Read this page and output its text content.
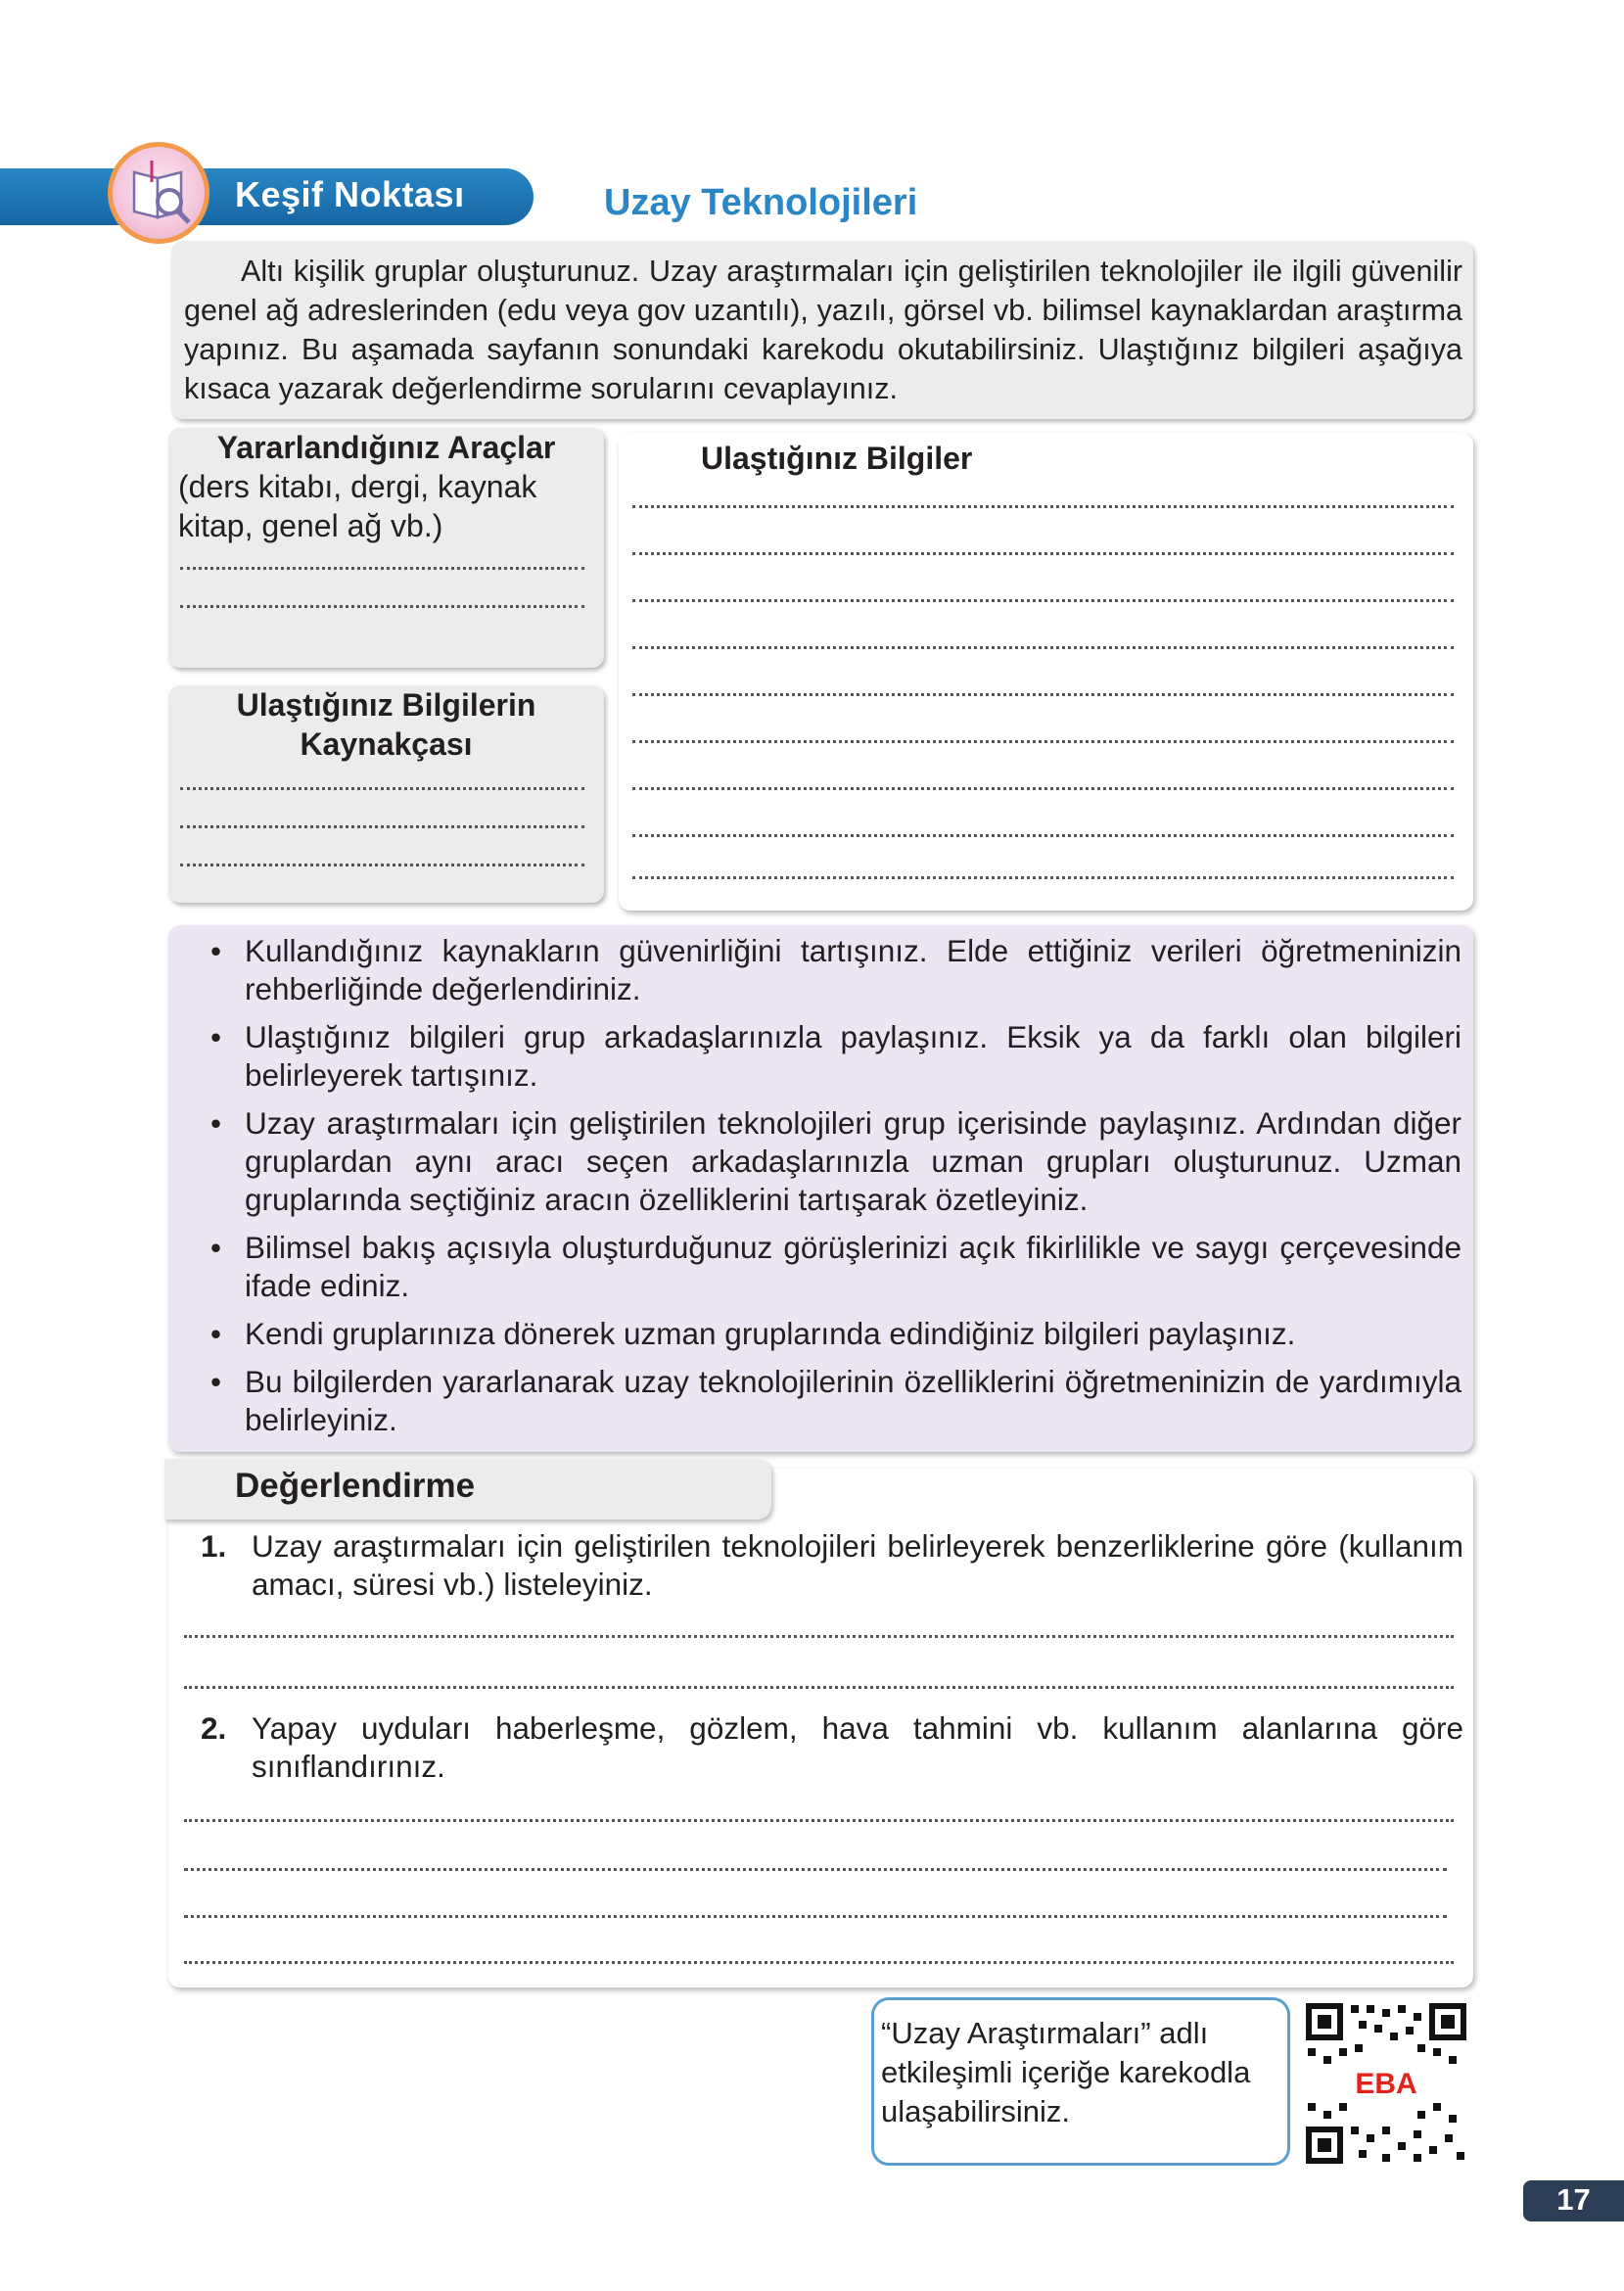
Keşif Noktası	Uzay Teknolojileri

Altı kişilik gruplar oluşturunuz. Uzay araştırmaları için geliştirilen teknolojiler ile ilgili güvenilir genel ağ adreslerinden (edu veya gov uzantılı), yazılı, görsel vb. bilimsel kaynaklardan araştırma yapınız. Bu aşamada sayfanın sonundaki karekodu okutabilirsiniz. Ulaştığınız bilgileri aşağıya kısaca yazarak değerlendirme sorularını cevaplayınız.

Yararlandığınız Araçlar
(ders kitabı, dergi, kaynak kitap, genel ağ vb.)
Ulaştığınız Bilgilerin
Kaynakçası
Ulaştığınız Bilgiler
• Kullandığınız kaynakların güvenirliğini tartışınız. Elde ettiğiniz verileri öğretmeninizin rehberliğinde değerlendiriniz.
• Ulaştığınız bilgileri grup arkadaşlarınızla paylaşınız. Eksik ya da farklı olan bilgileri belirleyerek tartışınız.
• Uzay araştırmaları için geliştirilen teknolojileri grup içerisinde paylaşınız. Ardından diğer gruplardan aynı aracı seçen arkadaşlarınızla uzman grupları oluşturunuz. Uzman gruplarında seçtiğiniz aracın özelliklerini tartışarak özetleyiniz.
• Bilimsel bakış açısıyla oluşturduğunuz görüşlerinizi açık fikirlilikle ve saygı çerçevesinde ifade ediniz.
• Kendi gruplarınıza dönerek uzman gruplarında edindiğiniz bilgileri paylaşınız.
• Bu bilgilerden yararlanarak uzay teknolojilerinin özelliklerini öğretmeninizin de yardımıyla belirleyiniz.
Değerlendirme
1. Uzay araştırmaları için geliştirilen teknolojileri belirleyerek benzerliklerine göre (kullanım amacı, süresi vb.) listeleyiniz.
2. Yapay uyduları haberleşme, gözlem, hava tahmini vb. kullanım alanlarına göre sınıflandırınız.
“Uzay Araştırmaları” adlı etkileşimli içeriğe karekodla ulaşabilirsiniz.
EBA
17
